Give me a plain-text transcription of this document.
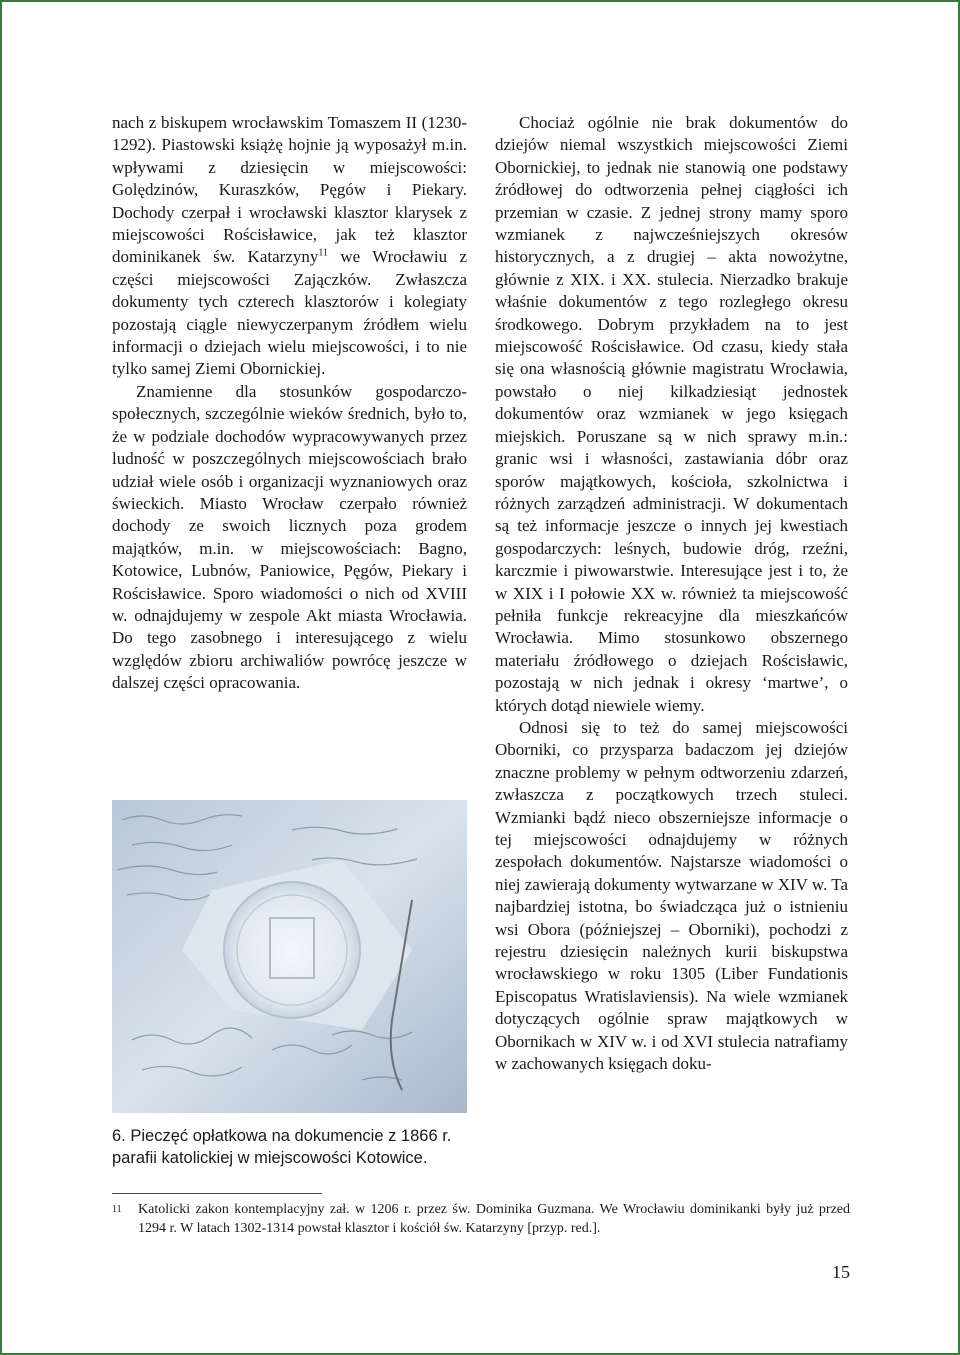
nach z biskupem wrocławskim Tomaszem II (1230-1292). Piastowski książę hojnie ją wyposażył m.in. wpływami z dziesięcin w miejscowości: Golędzinów, Kuraszków, Pęgów i Piekary. Dochody czerpał i wrocławski klasztor klarysek z miejscowości Rościsławice, jak też klasztor dominikanek św. Katarzyny$^{11}$ we Wrocławiu z części miejscowości Zajączków. Zwłaszcza dokumenty tych czterech klasztorów i kolegiaty pozostają ciągle niewyczerpanym źródłem wielu informacji o dziejach wielu miejscowości, i to nie tylko samej Ziemi Obornickiej.

Znamienne dla stosunków gospodarczo-społecznych, szczególnie wieków średnich, było to, że w podziale dochodów wypracowywanych przez ludność w poszczególnych miejscowościach brało udział wiele osób i organizacji wyznaniowych oraz świeckich. Miasto Wrocław czerpało również dochody ze swoich licznych poza grodem majątków, m.in. w miejscowościach: Bagno, Kotowice, Lubnów, Paniowice, Pęgów, Piekary i Rościsławice. Sporo wiadomości o nich od XVIII w. odnajdujemy w zespole Akt miasta Wrocławia. Do tego zasobnego i interesującego z wielu względów zbioru archiwaliów powrócę jeszcze w dalszej części opracowania.

6. Pieczęć opłatkowa na dokumencie z 1866 r. parafii katolickiej w miejscowości Kotowice.

Chociaż ogólnie nie brak dokumentów do dziejów niemal wszystkich miejscowości Ziemi Obornickiej, to jednak nie stanowią one podstawy źródłowej do odtworzenia pełnej ciągłości ich przemian w czasie. Z jednej strony mamy sporo wzmianek z najwcześniejszych okresów historycznych, a z drugiej – akta nowożytne, głównie z XIX. i XX. stulecia. Nierzadko brakuje właśnie dokumentów z tego rozległego okresu środkowego. Dobrym przykładem na to jest miejscowość Rościsławice. Od czasu, kiedy stała się ona własnością głównie magistratu Wrocławia, powstało o niej kilkadziesiąt jednostek dokumentów oraz wzmianek w jego księgach miejskich. Poruszane są w nich sprawy m.in.: granic wsi i własności, zastawiania dóbr oraz sporów majątkowych, kościoła, szkolnictwa i różnych zarządzeń administracji. W dokumentach są też informacje jeszcze o innych jej kwestiach gospodarczych: leśnych, budowie dróg, rzeźni, karczmie i piwowarstwie. Interesujące jest i to, że w XIX i I połowie XX w. również ta miejscowość pełniła funkcje rekreacyjne dla mieszkańców Wrocławia. Mimo stosunkowo obszernego materiału źródłowego o dziejach Rościsławic, pozostają w nich jednak i okresy ‘martwe’, o których dotąd niewiele wiemy.

Odnosi się to też do samej miejscowości Oborniki, co przysparza badaczom jej dziejów znaczne problemy w pełnym odtworzeniu zdarzeń, zwłaszcza z początkowych trzech stuleci. Wzmianki bądź nieco obszerniejsze informacje o tej miejscowości odnajdujemy w różnych zespołach dokumentów. Najstarsze wiadomości o niej zawierają dokumenty wytwarzane w XIV w. Ta najbardziej istotna, bo świadcząca już o istnieniu wsi Obora (późniejszej – Oborniki), pochodzi z rejestru dziesięcin należnych kurii biskupstwa wrocławskiego w roku 1305 (Liber Fundationis Episcopatus Wratislaviensis). Na wiele wzmianek dotyczących ogólnie spraw majątkowych w Obornikach w XIV w. i od XVI stulecia natrafiamy w zachowanych księgach doku-

11 Katolicki zakon kontemplacyjny zał. w 1206 r. przez św. Dominika Guzmana. We Wrocławiu dominikanki były już przed 1294 r. W latach 1302-1314 powstał klasztor i kościół św. Katarzyny [przyp. red.].
15
